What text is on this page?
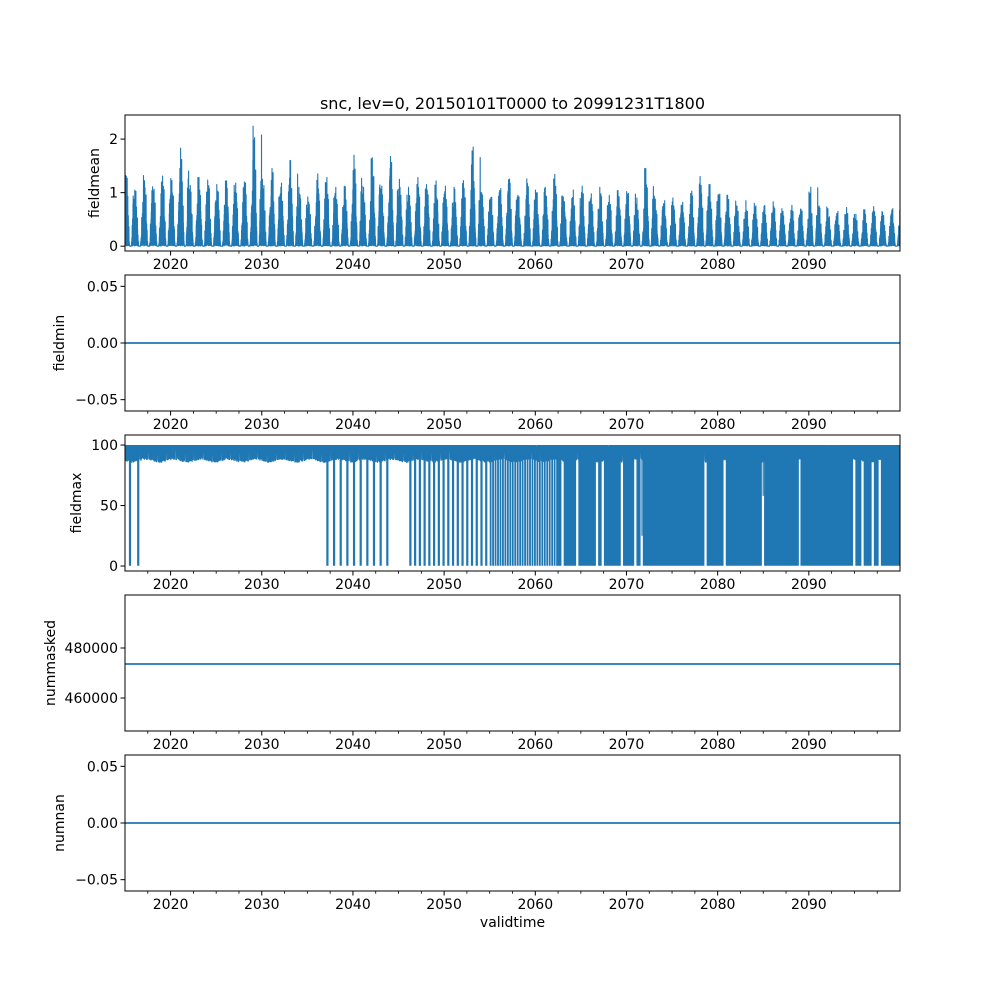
2020	2030	2040	2050	2060	2070	2080	2090
0
1
2
2020	2030	2040	2050	2060	2070	2080	2090
−0.05
0.00
0.05
2020	2030	2040	2050	2060	2070	2080	2090
0
50
100
2020	2030	2040	2050	2060	2070	2080	2090
460000
480000
2020	2030	2040	2050	2060	2070	2080	2090
−0.05
0.00
0.05
snc, lev=0, 20150101T0000 to 20991231T1800
fieldmean
fieldmin
fieldmax
nummasked
numnan
validtime
